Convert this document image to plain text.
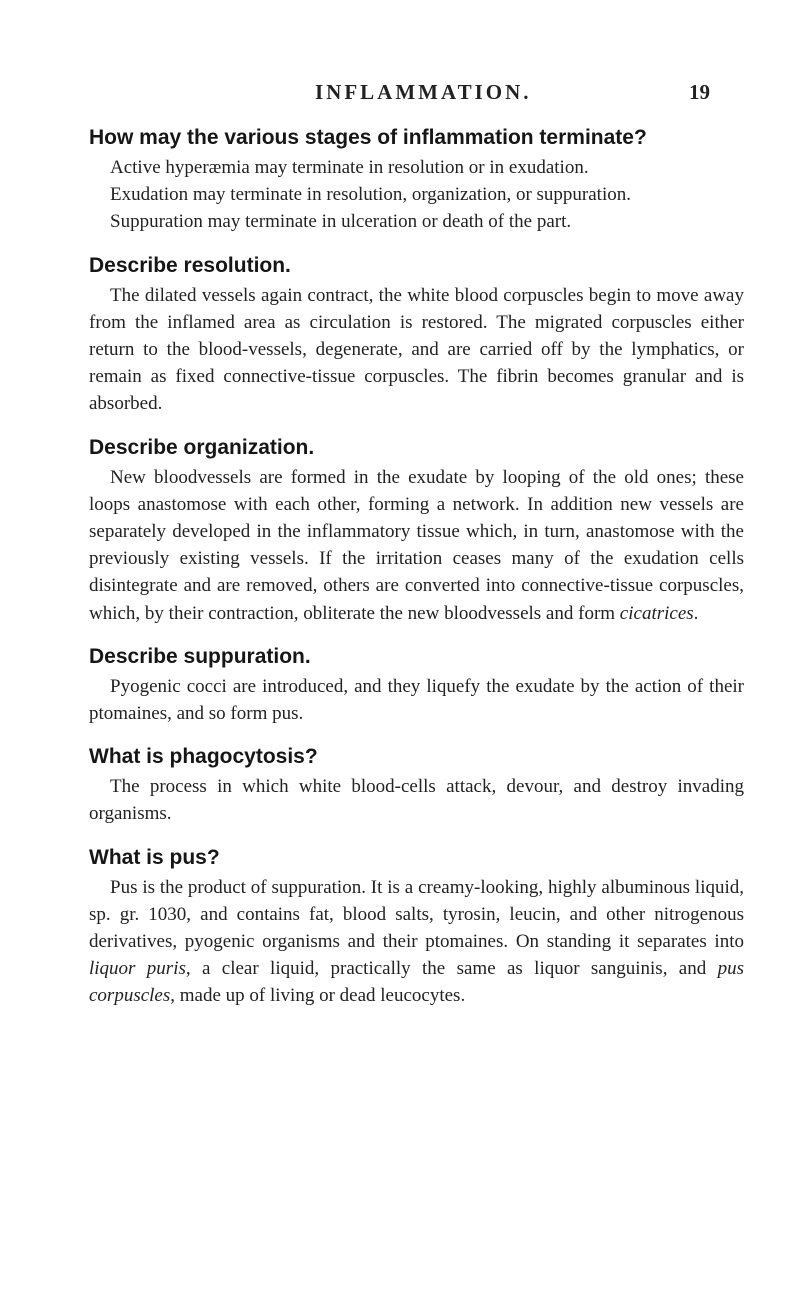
INFLAMMATION.	19
How may the various stages of inflammation terminate?

Active hyperæmia may terminate in resolution or in exudation.

Exudation may terminate in resolution, organization, or suppuration.

Suppuration may terminate in ulceration or death of the part.

Describe resolution.

The dilated vessels again contract, the white blood corpuscles begin to move away from the inflamed area as circulation is restored. The migrated corpuscles either return to the blood-vessels, degenerate, and are carried off by the lymphatics, or remain as fixed connective-tissue corpuscles. The fibrin becomes granular and is absorbed.

Describe organization.

New bloodvessels are formed in the exudate by looping of the old ones; these loops anastomose with each other, forming a network. In addition new vessels are separately developed in the inflammatory tissue which, in turn, anastomose with the previously existing vessels. If the irritation ceases many of the exudation cells disintegrate and are removed, others are converted into connective-tissue corpuscles, which, by their contraction, obliterate the new bloodvessels and form cicatrices.

Describe suppuration.

Pyogenic cocci are introduced, and they liquefy the exudate by the action of their ptomaines, and so form pus.

What is phagocytosis?

The process in which white blood-cells attack, devour, and destroy invading organisms.

What is pus?

Pus is the product of suppuration. It is a creamy-looking, highly albuminous liquid, sp. gr. 1030, and contains fat, blood salts, tyrosin, leucin, and other nitrogenous derivatives, pyogenic organisms and their ptomaines. On standing it separates into liquor puris, a clear liquid, practically the same as liquor sanguinis, and pus corpuscles, made up of living or dead leucocytes.
